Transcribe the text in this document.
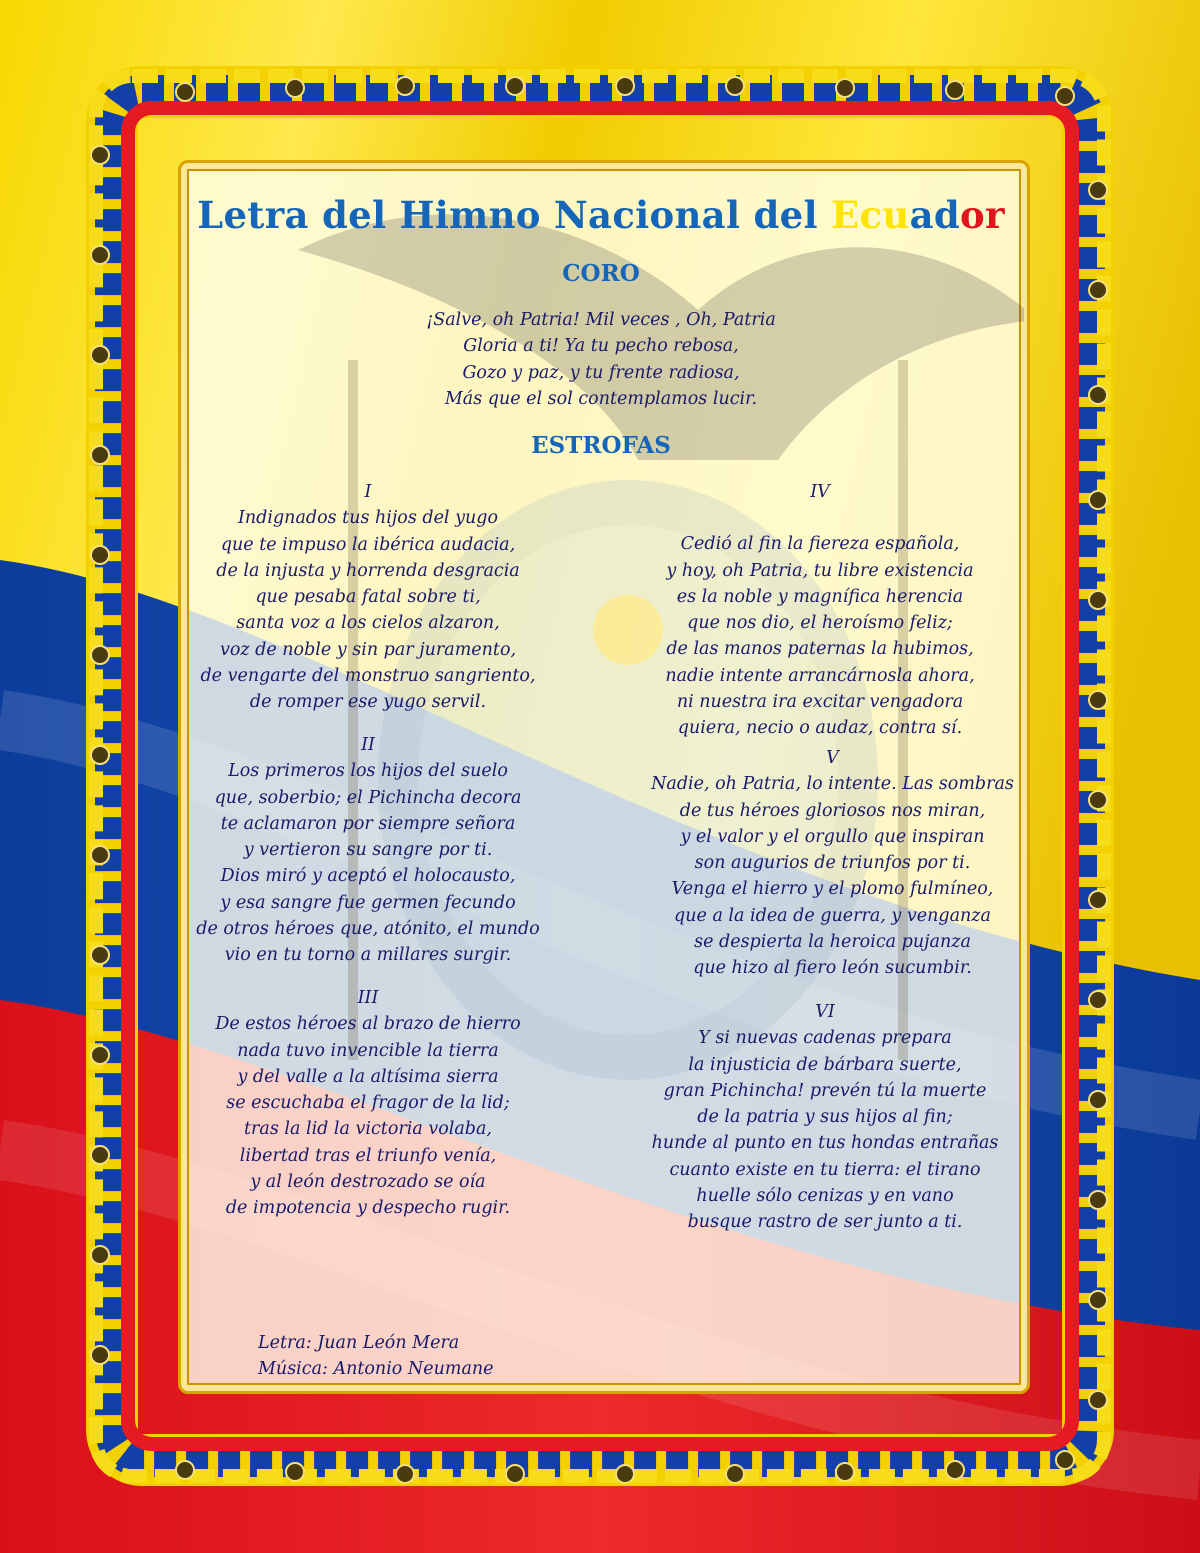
Letra del Himno Nacional del Ecuador
CORO
¡Salve, oh Patria! Mil veces , Oh, Patria
Gloria a ti! Ya tu pecho rebosa,
Gozo y paz, y tu frente radiosa,
Más que el sol contemplamos lucir.
ESTROFAS
I
Indignados tus hijos del yugo
que te impuso la ibérica audacia,
de la injusta y horrenda desgracia
que pesaba fatal sobre ti,
santa voz a los cielos alzaron,
voz de noble y sin par juramento,
de vengarte del monstruo sangriento,
de romper ese yugo servil.
II
Los primeros los hijos del suelo
que, soberbio; el Pichincha decora
te aclamaron por siempre señora
y vertieron su sangre por ti.
Dios miró y aceptó el holocausto,
y esa sangre fue germen fecundo
de otros héroes que, atónito, el mundo
vio en tu torno a millares surgir.
III
De estos héroes al brazo de hierro
nada tuvo invencible la tierra
y del valle a la altísima sierra
se escuchaba el fragor de la lid;
tras la lid la victoria volaba,
libertad tras el triunfo venía,
y al león destrozado se oía
de impotencia y despecho rugir.
IV
Cedió al fin la fiereza española,
y hoy, oh Patria, tu libre existencia
es la noble y magnífica herencia
que nos dio, el heroísmo feliz;
de las manos paternas la hubimos,
nadie intente arrancárnosla ahora,
ni nuestra ira excitar vengadora
quiera, necio o audaz, contra sí.
V
Nadie, oh Patria, lo intente. Las sombras
de tus héroes gloriosos nos miran,
y el valor y el orgullo que inspiran
son augurios de triunfos por ti.
Venga el hierro y el plomo fulmíneo,
que a la idea de guerra, y venganza
se despierta la heroica pujanza
que hizo al fiero león sucumbir.
VI
Y si nuevas cadenas prepara
la injusticia de bárbara suerte,
gran Pichincha! prevén tú la muerte
de la patria y sus hijos al fin;
hunde al punto en tus hondas entrañas
cuanto existe en tu tierra: el tirano
huelle sólo cenizas y en vano
busque rastro de ser junto a ti.
Letra: Juan León Mera
Música: Antonio Neumane
